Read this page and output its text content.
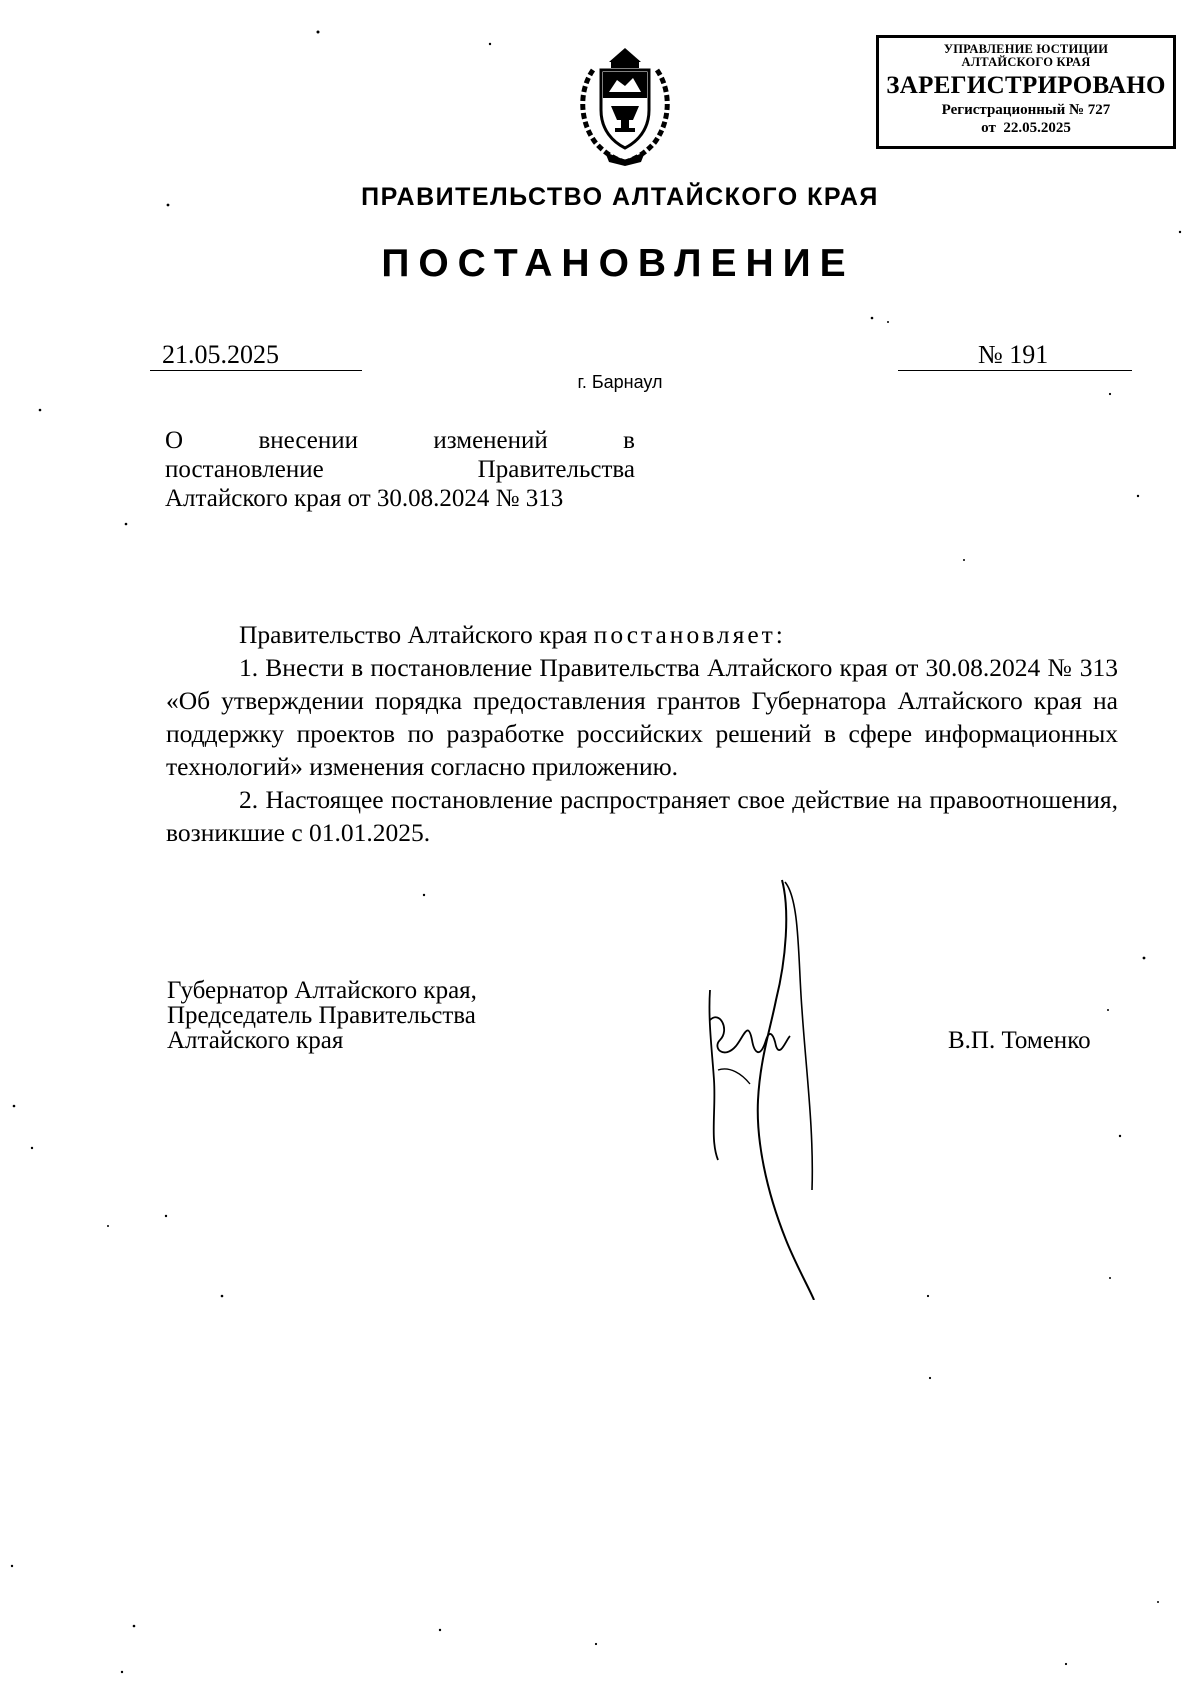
УПРАВЛЕНИЕ ЮСТИЦИИ
АЛТАЙСКОГО КРАЯ
ЗАРЕГИСТРИРОВАНО
Регистрационный № 727
от  22.05.2025
ПРАВИТЕЛЬСТВО АЛТАЙСКОГО КРАЯ
ПОСТАНОВЛЕНИЕ
21.05.2025	№ 191
г. Барнаул
О	внесении	изменений	в
постановление	Правительства
Алтайского края от 30.08.2024 № 313
Правительство Алтайского края постановляет:
1. Внести в постановление Правительства Алтайского края от 30.08.2024 № 313 «Об утверждении порядка предоставления грантов Губернатора Алтайского края на поддержку проектов по разработке российских решений в сфере информационных технологий» изменения согласно приложению.
2. Настоящее постановление распространяет свое действие на правоотношения, возникшие с 01.01.2025.
Губернатор Алтайского края,
Председатель Правительства
Алтайского края	В.П. Томенко
